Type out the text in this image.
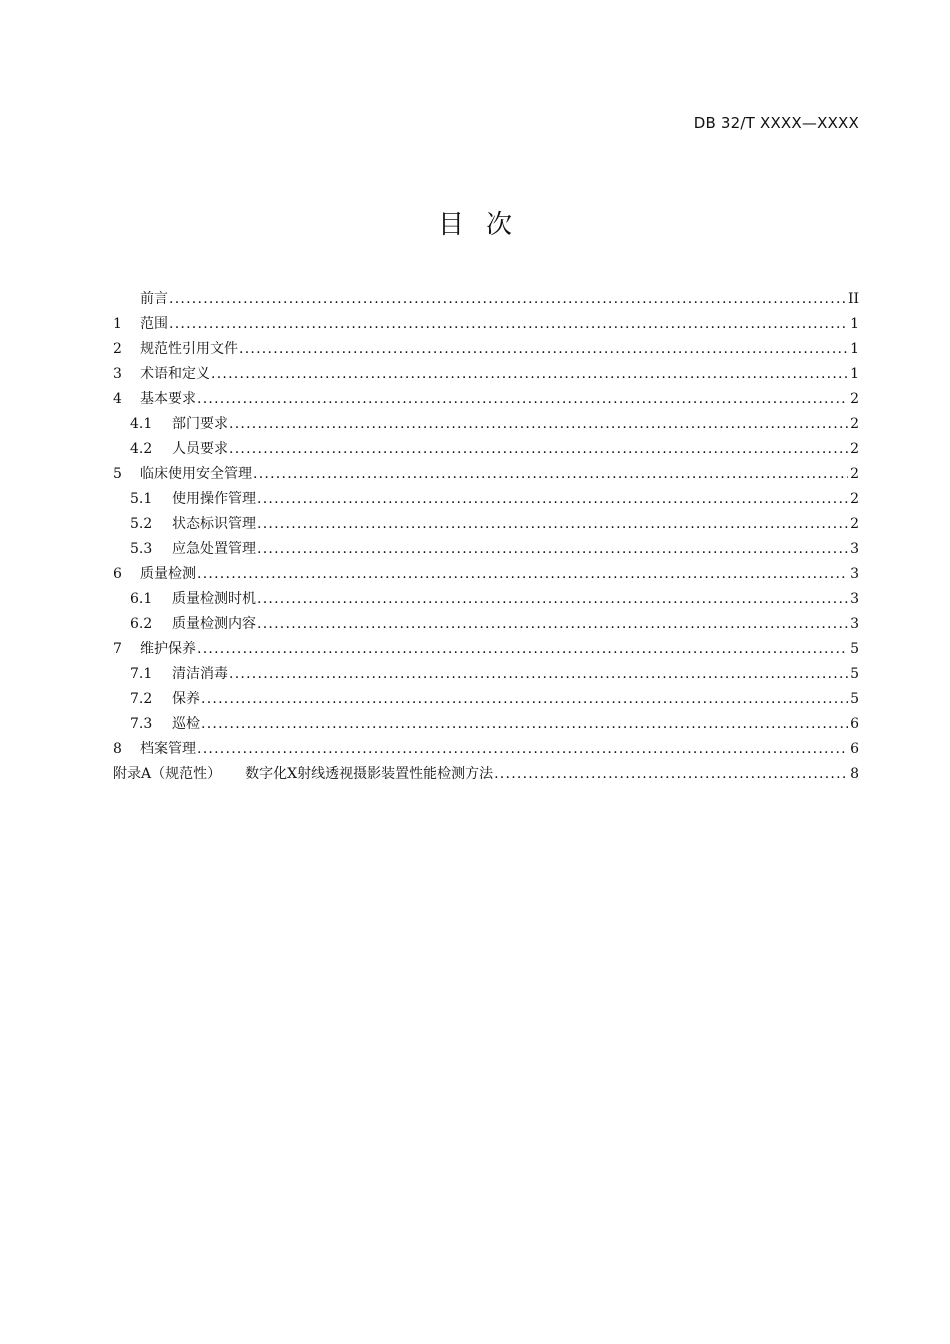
DB 32/T XXXX—XXXX
目 次
前言 . . .	II
1	范围 . . .	1
2	规范性引用文件 . . .	1
3	术语和定义 . . .	1
4	基本要求 . . .	2
4.1	部门要求 . . .	2
4.2	人员要求 . . .	2
5	临床使用安全管理 . . .	2
5.1	使用操作管理 . . .	2
5.2	状态标识管理 . . .	2
5.3	应急处置管理 . . .	3
6	质量检测 . . .	3
6.1	质量检测时机 . . .	3
6.2	质量检测内容 . . .	3
7	维护保养 . . .	5
7.1	清洁消毒 . . .	5
7.2	保养 . . .	5
7.3	巡检 . . .	6
8	档案管理 . . .	6
附录A（规范性） 数字化X射线透视摄影装置性能检测方法 . . .	8
